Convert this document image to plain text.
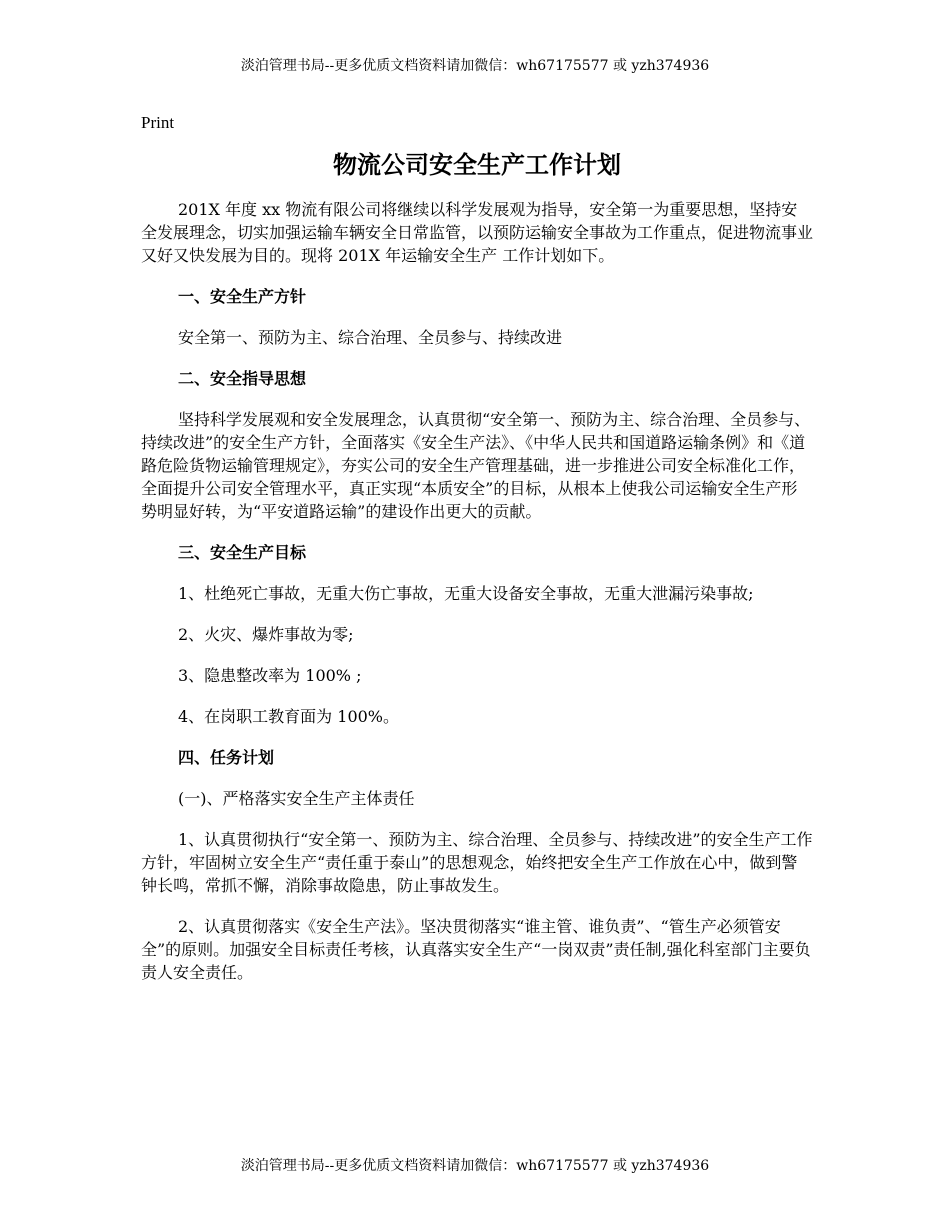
淡泊管理书局--更多优质文档资料请加微信：wh67175577 或 yzh374936
Print
物流公司安全生产工作计划

201X 年度 xx 物流有限公司将继续以科学发展观为指导，安全第一为重要思想，坚持安全发展理念，切实加强运输车辆安全日常监管，以预防运输安全事故为工作重点，促进物流事业又好又快发展为目的。现将 201X 年运输安全生产 工作计划如下。

一、安全生产方针

安全第一、预防为主、综合治理、全员参与、持续改进

二、安全指导思想

坚持科学发展观和安全发展理念，认真贯彻“安全第一、预防为主、综合治理、全员参与、持续改进”的安全生产方针，全面落实《安全生产法》、《中华人民共和国道路运输条例》和《道路危险货物运输管理规定》，夯实公司的安全生产管理基础，进一步推进公司安全标准化工作，全面提升公司安全管理水平，真正实现“本质安全”的目标，从根本上使我公司运输安全生产形势明显好转，为“平安道路运输”的建设作出更大的贡献。

三、安全生产目标

1、杜绝死亡事故，无重大伤亡事故，无重大设备安全事故，无重大泄漏污染事故;

2、火灾、爆炸事故为零;

3、隐患整改率为 100% ;

4、在岗职工教育面为 100%。

四、任务计划

(一)、严格落实安全生产主体责任

1、认真贯彻执行“安全第一、预防为主、综合治理、全员参与、持续改进”的安全生产工作方针，牢固树立安全生产“责任重于泰山”的思想观念，始终把安全生产工作放在心中，做到警钟长鸣，常抓不懈，消除事故隐患，防止事故发生。

2、认真贯彻落实《安全生产法》。坚决贯彻落实“谁主管、谁负责”、“管生产必须管安全”的原则。加强安全目标责任考核，认真落实安全生产“一岗双责”责任制,强化科室部门主要负责人安全责任。

淡泊管理书局--更多优质文档资料请加微信：wh67175577 或 yzh374936
